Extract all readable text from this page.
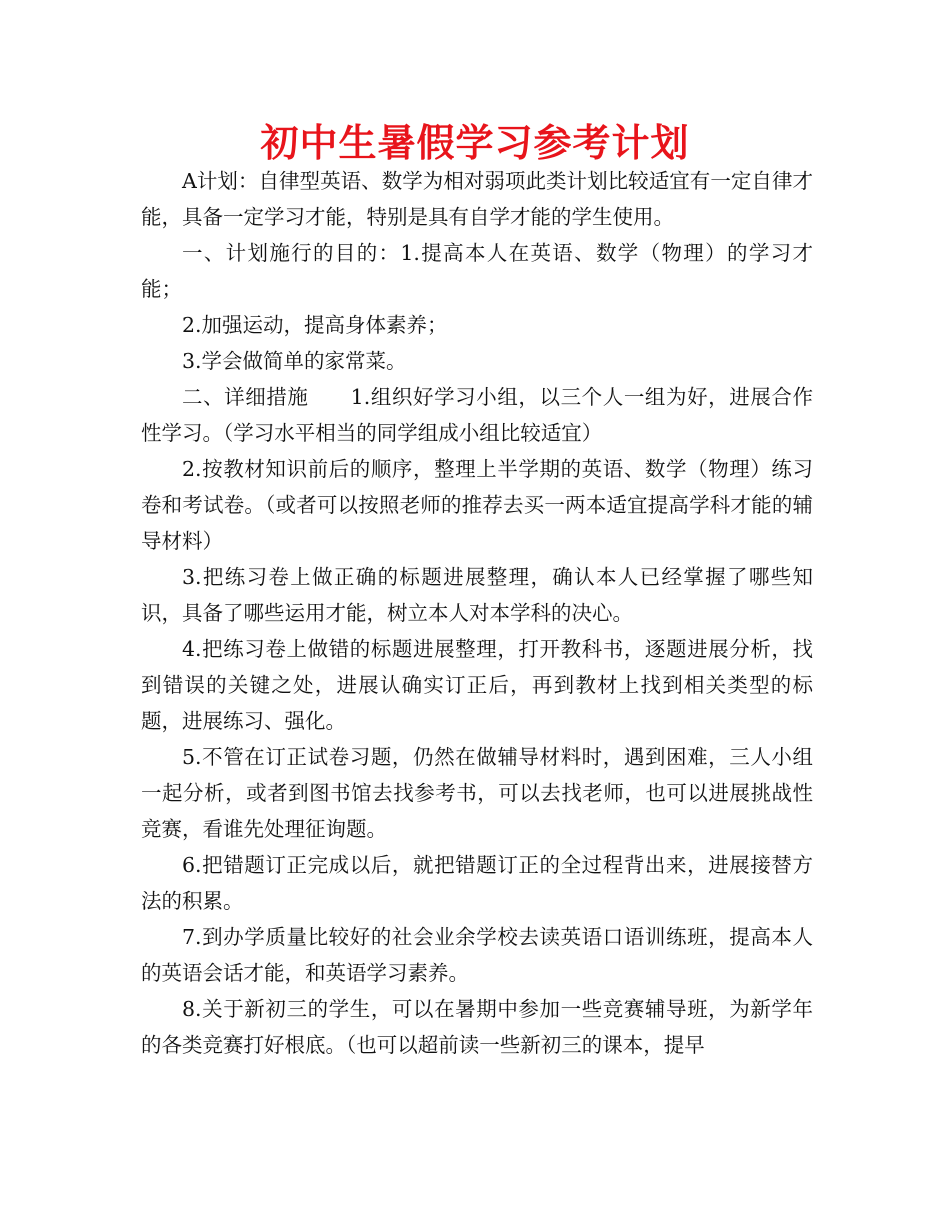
初中生暑假学习参考计划

A计划：自律型英语、数学为相对弱项此类计划比较适宜有一定自律才能，具备一定学习才能，特别是具有自学才能的学生使用。

一、计划施行的目的：1.提高本人在英语、数学（物理）的学习才能；

2.加强运动，提高身体素养；

3.学会做简单的家常菜。

二、详细措施　　1.组织好学习小组，以三个人一组为好，进展合作性学习。（学习水平相当的同学组成小组比较适宜）

2.按教材知识前后的顺序，整理上半学期的英语、数学（物理）练习卷和考试卷。（或者可以按照老师的推荐去买一两本适宜提高学科才能的辅导材料）

3.把练习卷上做正确的标题进展整理，确认本人已经掌握了哪些知识，具备了哪些运用才能，树立本人对本学科的决心。

4.把练习卷上做错的标题进展整理，打开教科书，逐题进展分析，找到错误的关键之处，进展认确实订正后，再到教材上找到相关类型的标题，进展练习、强化。

5.不管在订正试卷习题，仍然在做辅导材料时，遇到困难，三人小组一起分析，或者到图书馆去找参考书，可以去找老师，也可以进展挑战性竞赛，看谁先处理征询题。

6.把错题订正完成以后，就把错题订正的全过程背出来，进展接替方法的积累。

7.到办学质量比较好的社会业余学校去读英语口语训练班，提高本人的英语会话才能，和英语学习素养。

8.关于新初三的学生，可以在暑期中参加一些竞赛辅导班，为新学年的各类竞赛打好根底。（也可以超前读一些新初三的课本，提早
